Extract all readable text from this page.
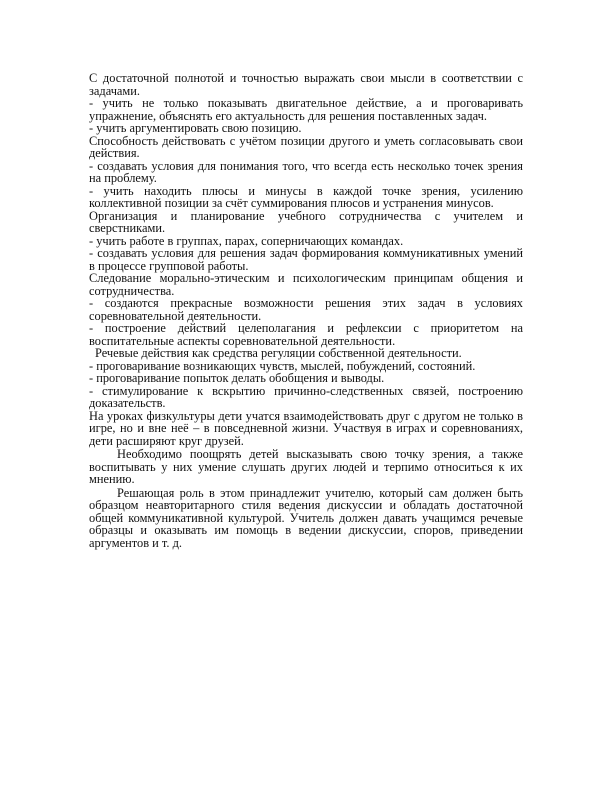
С достаточной полнотой и точностью выражать свои мысли в соответствии с задачами.

- учить не только показывать двигательное действие, а и проговаривать упражнение, объяснять его актуальность для решения поставленных задач.

- учить аргументировать свою позицию.

Способность действовать с учётом позиции другого и уметь согласовывать свои действия.

- создавать условия для понимания того, что всегда есть несколько точек зрения на проблему.

- учить находить плюсы и минусы в каждой точке зрения, усилению коллективной позиции за счёт суммирования плюсов и устранения минусов.

Организация и планирование учебного сотрудничества с учителем и сверстниками.

- учить работе в группах, парах, соперничающих командах.

- создавать условия для решения задач формирования коммуникативных умений в процессе групповой работы.

Следование морально-этическим и психологическим принципам общения и сотрудничества.

- создаются прекрасные возможности решения этих задач в условиях соревновательной деятельности.

- построение действий целеполагания и рефлексии с приоритетом на воспитательные аспекты соревновательной деятельности.

Речевые действия как средства регуляции собственной деятельности.

- проговаривание возникающих чувств, мыслей, побуждений, состояний.

- проговаривание попыток делать обобщения и выводы.

- стимулирование к вскрытию причинно-следственных связей, построению доказательств.

На уроках физкультуры дети учатся взаимодействовать друг с другом не только в игре, но и вне неё – в повседневной жизни. Участвуя в играх и соревнованиях, дети расширяют круг друзей.

Необходимо поощрять детей высказывать свою точку зрения, а также воспитывать у них умение слушать других людей и терпимо относиться к их мнению.

Решающая роль в этом принадлежит учителю, который сам должен быть образцом неавторитарного стиля ведения дискуссии и обладать достаточной общей коммуникативной культурой. Учитель должен давать учащимся речевые образцы и оказывать им помощь в ведении дискуссии, споров, приведении аргументов и т. д.
